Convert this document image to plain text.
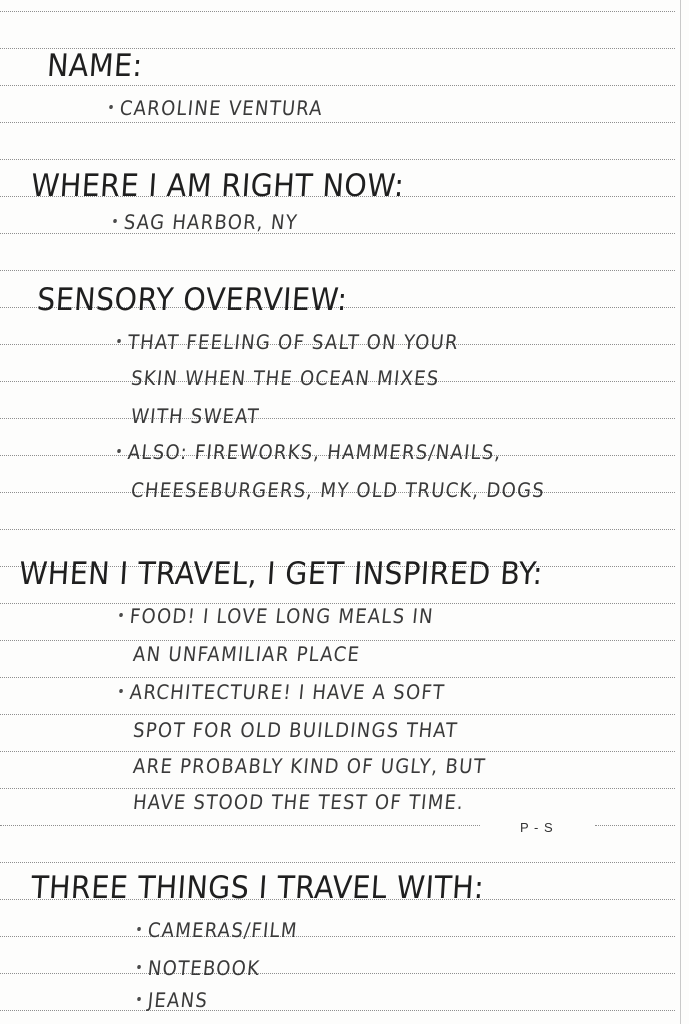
NAME:
CAROLINE VENTURA
WHERE I AM RIGHT NOW:
SAG HARBOR, NY
SENSORY OVERVIEW:
THAT FEELING OF SALT ON YOUR
SKIN WHEN THE OCEAN MIXES
WITH SWEAT
ALSO: FIREWORKS, HAMMERS/NAILS,
CHEESEBURGERS, MY OLD TRUCK, DOGS
WHEN I TRAVEL, I GET INSPIRED BY:
FOOD! I LOVE LONG MEALS IN
AN UNFAMILIAR PLACE
ARCHITECTURE! I HAVE A SOFT
SPOT FOR OLD BUILDINGS THAT
ARE PROBABLY KIND OF UGLY, BUT
HAVE STOOD THE TEST OF TIME.
THREE THINGS I TRAVEL WITH:
CAMERAS/FILM
NOTEBOOK
JEANS
P - S
